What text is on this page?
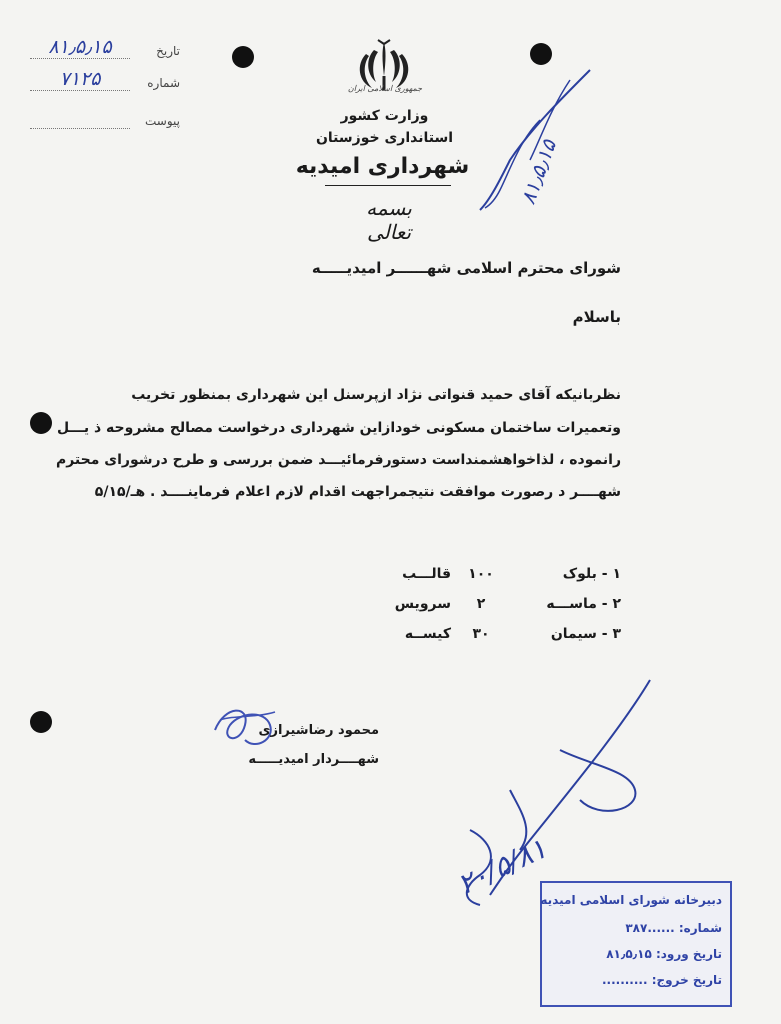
۸۱٫۵٫۱۵	تاریخ
۷۱۲۵	شماره
پیوست
جمهوری اسلامی ایران
وزارت کشور
استانداری خوزستان
شهرداری امیدیه
بسمه تعالی
۸۱٫۵٫۱۵
شورای محترم اسلامی شهــــــر امیدیـــــه
باسلام
نظربانیکه آقای حمید قنواتی نژاد ازپرسنل این شهرداری بمنظور تخریب
وتعمیرات ساختمان مسکونی خودازاین شهرداری درخواست مصالح مشروحه ذ یـــل
رانموده ، لذاخواهشمنداست دستورفرمائیـــد ضمن بررسی و طرح درشورای محترم
شهــــر د رصورت موافقت نتیجمراجهت اقدام لازم اعلام فرماینــــد . هـ/۵/۱۵
۱ - بلوک
۱۰۰
قالـــب
۲ - ماســـه
۲
سرویس
۳ - سیمان
۳۰
کیســه
محمود رضاشیرازی
شهــــردار امیدیـــــه
۲۰/۵/۸۱
دبیرخانه شورای اسلامی امیدیه
شماره: ......۳۸۷
تاریخ ورود: ۸۱٫۵٫۱۵
تاریخ خروج: ..........
